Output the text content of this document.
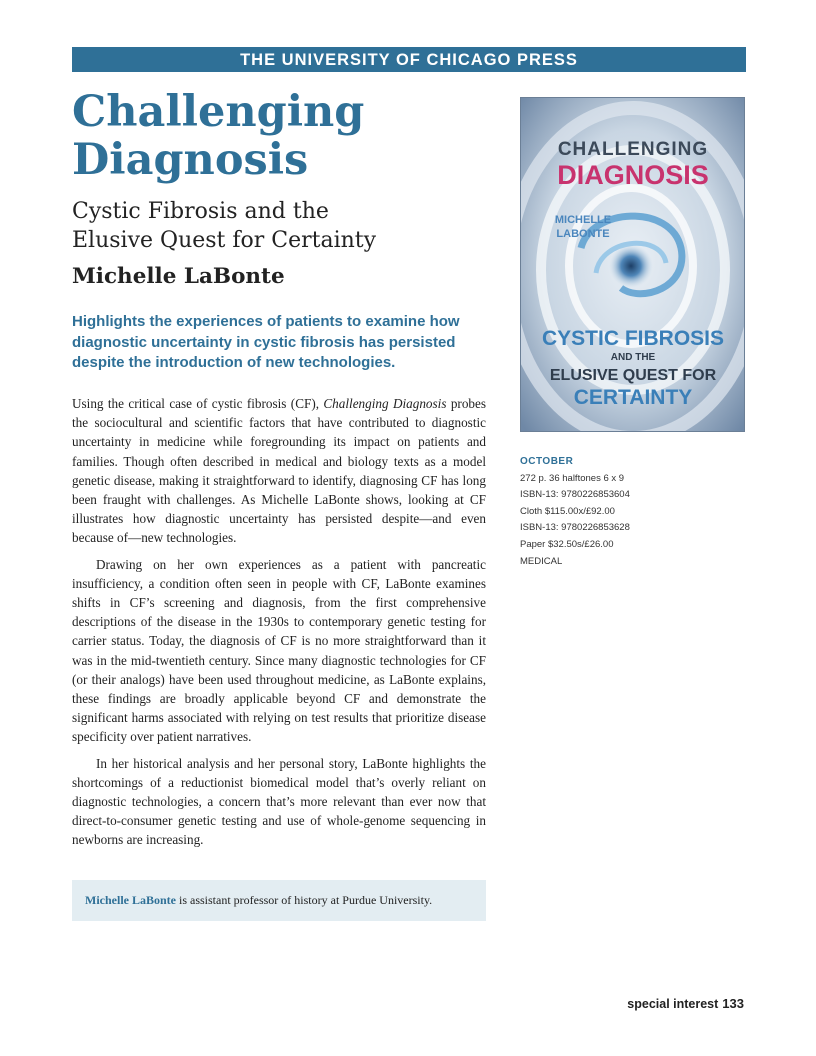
THE UNIVERSITY OF CHICAGO PRESS
Challenging
Diagnosis
Cystic Fibrosis and the
Elusive Quest for Certainty
Michelle LaBonte
Highlights the experiences of patients to examine how diagnostic uncertainty in cystic fibrosis has persisted despite the introduction of new technologies.

Using the critical case of cystic fibrosis (CF), Challenging Diagnosis probes the sociocultural and scientific factors that have contributed to diagnostic uncertainty in medicine while foregrounding its impact on patients and families. Though often described in medical and biology texts as a model genetic disease, making it straightforward to identify, diagnosing CF has long been fraught with challenges. As Michelle LaBonte shows, looking at CF illustrates how diagnostic uncertainty has persisted despite—and even because of—new technologies.

Drawing on her own experiences as a patient with pancreatic insufficiency, a condition often seen in people with CF, LaBonte examines shifts in CF’s screening and diagnosis, from the first comprehensive descriptions of the disease in the 1930s to contemporary genetic testing for carrier status. Today, the diagnosis of CF is no more straightforward than it was in the mid-twentieth century. Since many diagnostic technologies for CF (or their analogs) have been used throughout medicine, as LaBonte explains, these findings are broadly applicable beyond CF and demonstrate the significant harms associated with relying on test results that prioritize disease specificity over patient narratives.

In her historical analysis and her personal story, LaBonte highlights the shortcomings of a reductionist biomedical model that’s overly reliant on diagnostic technologies, a concern that’s more relevant than ever now that direct-to-consumer genetic testing and use of whole-genome sequencing in newborns are increasing.

Michelle LaBonte is assistant professor of history at Purdue University.
CHALLENGING
DIAGNOSIS
MICHELLE
LABONTE
CYSTIC FIBROSIS
AND THE
ELUSIVE QUEST FOR
CERTAINTY
OCTOBER
272 p. 36 halftones 6 x 9
ISBN-13: 9780226853604
Cloth $115.00x/£92.00
ISBN-13: 9780226853628
Paper $32.50s/£26.00
MEDICAL
special interest 133
